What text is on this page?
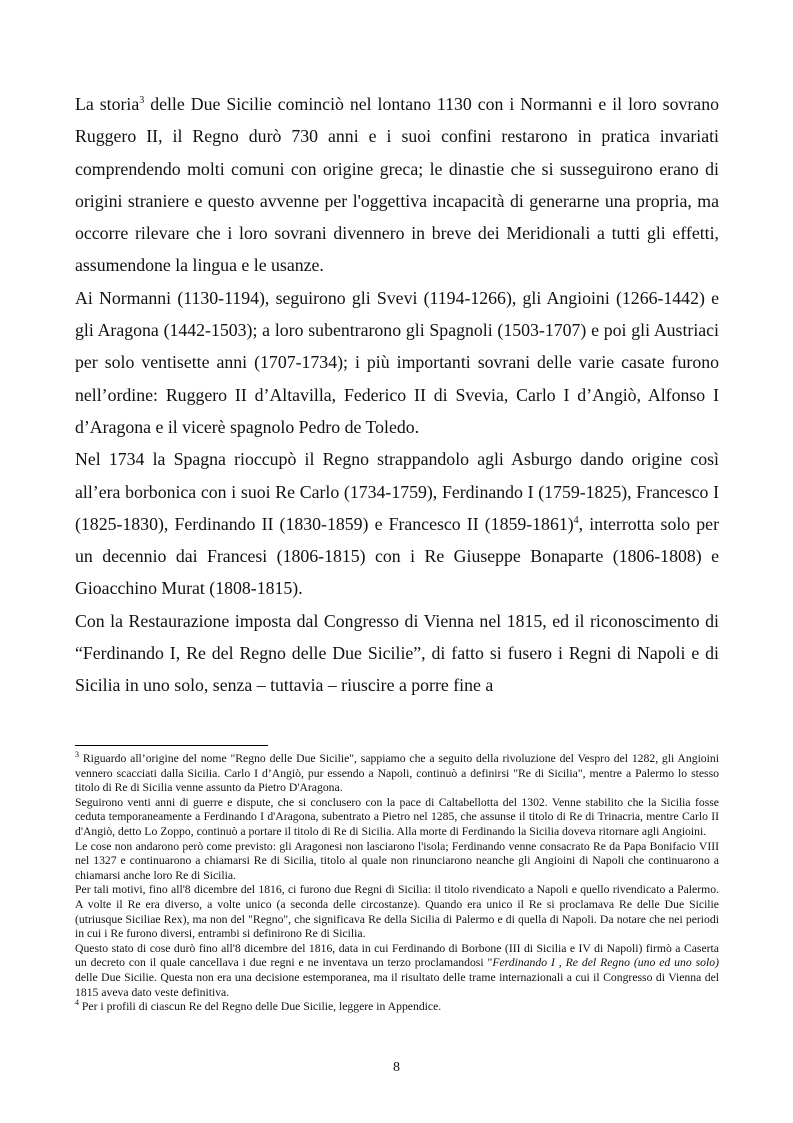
La storia$^3$ delle Due Sicilie cominciò nel lontano 1130 con i Normanni e il loro sovrano Ruggero II, il Regno durò 730 anni e i suoi confini restarono in pratica invariati comprendendo molti comuni con origine greca; le dinastie che si susseguirono erano di origini straniere e questo avvenne per l'oggettiva incapacità di generarne una propria, ma occorre rilevare che i loro sovrani divennero in breve dei Meridionali a tutti gli effetti, assumendone la lingua e le usanze.

Ai Normanni (1130-1194), seguirono gli Svevi (1194-1266), gli Angioini (1266-1442) e gli Aragona (1442-1503); a loro subentrarono gli Spagnoli (1503-1707) e poi gli Austriaci per solo ventisette anni (1707-1734); i più importanti sovrani delle varie casate furono nell’ordine: Ruggero II d’Altavilla, Federico II di Svevia, Carlo I d’Angiò, Alfonso I d’Aragona e il vicerè spagnolo Pedro de Toledo.

Nel 1734 la Spagna rioccupò il Regno strappandolo agli Asburgo dando origine così all’era borbonica con i suoi Re Carlo (1734-1759), Ferdinando I (1759-1825), Francesco I (1825-1830), Ferdinando II (1830-1859) e Francesco II (1859-1861)$^4$, interrotta solo per un decennio dai Francesi (1806-1815) con i Re Giuseppe Bonaparte (1806-1808) e Gioacchino Murat (1808-1815).

Con la Restaurazione imposta dal Congresso di Vienna nel 1815, ed il riconoscimento di “Ferdinando I, Re del Regno delle Due Sicilie”, di fatto si fusero i Regni di Napoli e di Sicilia in uno solo, senza – tuttavia – riuscire a porre fine a

$^3$ Riguardo all’origine del nome "Regno delle Due Sicilie", sappiamo che a seguito della rivoluzione del Vespro del 1282, gli Angioini vennero scacciati dalla Sicilia. Carlo I d’Angiò, pur essendo a Napoli, continuò a definirsi "Re di Sicilia", mentre a Palermo lo stesso titolo di Re di Sicilia venne assunto da Pietro D'Aragona.

Seguirono venti anni di guerre e dispute, che si conclusero con la pace di Caltabellotta del 1302. Venne stabilito che la Sicilia fosse ceduta temporaneamente a Ferdinando I d'Aragona, subentrato a Pietro nel 1285, che assunse il titolo di Re di Trinacria, mentre Carlo II d'Angiò, detto Lo Zoppo, continuò a portare il titolo di Re di Sicilia. Alla morte di Ferdinando la Sicilia doveva ritornare agli Angioini.

Le cose non andarono però come previsto: gli Aragonesi non lasciarono l'isola; Ferdinando venne consacrato Re da Papa Bonifacio VIII nel 1327 e continuarono a chiamarsi Re di Sicilia, titolo al quale non rinunciarono neanche gli Angioini di Napoli che continuarono a chiamarsi anche loro Re di Sicilia.

Per tali motivi, fino all'8 dicembre del 1816, ci furono due Regni di Sicilia: il titolo rivendicato a Napoli e quello rivendicato a Palermo. A volte il Re era diverso, a volte unico (a seconda delle circostanze). Quando era unico il Re si proclamava Re delle Due Sicilie (utriusque Siciliae Rex), ma non del "Regno", che significava Re della Sicilia di Palermo e di quella di Napoli. Da notare che nei periodi in cui i Re furono diversi, entrambi si definirono Re di Sicilia.

Questo stato di cose durò fino all'8 dicembre del 1816, data in cui Ferdinando di Borbone (III di Sicilia e IV di Napoli) firmò a Caserta un decreto con il quale cancellava i due regni e ne inventava un terzo proclamandosi "Ferdinando I , Re del Regno (uno ed uno solo) delle Due Sicilie. Questa non era una decisione estemporanea, ma il risultato delle trame internazionali a cui il Congresso di Vienna del 1815 aveva dato veste definitiva.

$^4$ Per i profili di ciascun Re del Regno delle Due Sicilie, leggere in Appendice.

8
